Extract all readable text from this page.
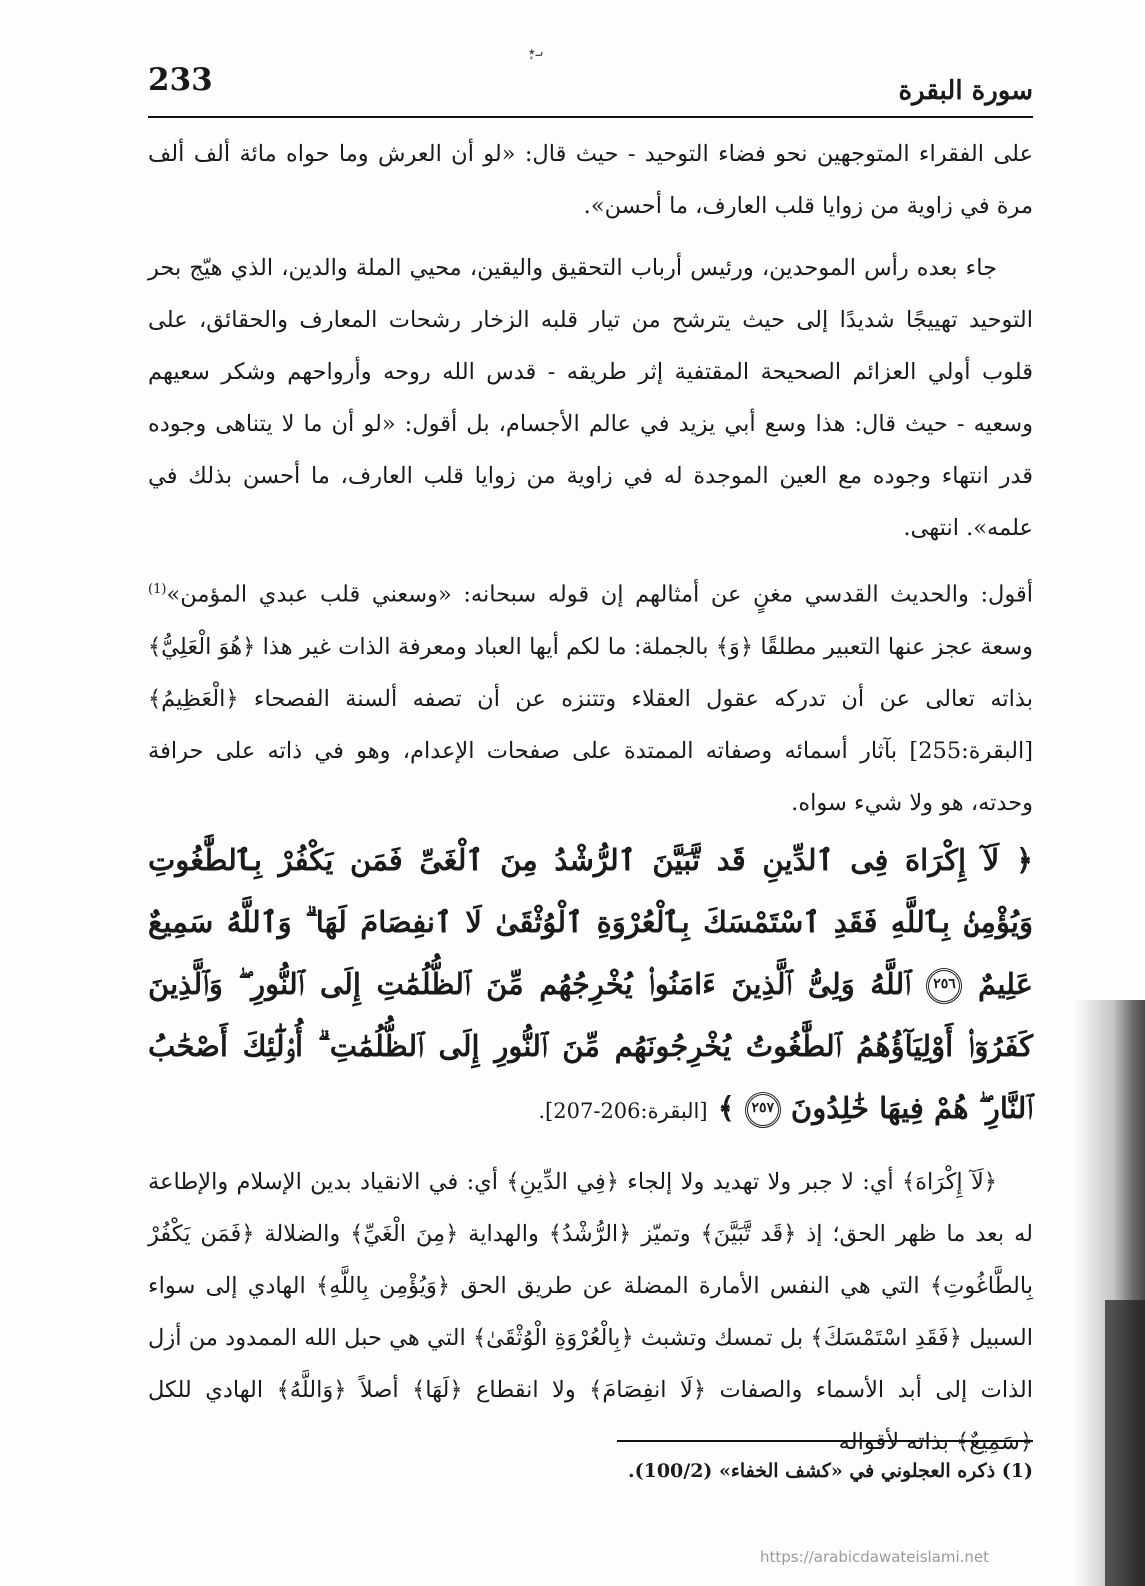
ٮـ٭ٕ
233	سورة البقرة

على الفقراء المتوجهين نحو فضاء التوحيد - حيث قال: «لو أن العرش وما حواه مائة ألف ألف مرة في زاوية من زوايا قلب العارف، ما أحسن».

جاء بعده رأس الموحدين، ورئيس أرباب التحقيق واليقين، محيي الملة والدين، الذي هيّج بحر التوحيد تهييجًا شديدًا إلى حيث يترشح من تيار قلبه الزخار رشحات المعارف والحقائق، على قلوب أولي العزائم الصحيحة المقتفية إثر طريقه - قدس الله روحه وأرواحهم وشكر سعيهم وسعيه - حيث قال: هذا وسع أبي يزيد في عالم الأجسام، بل أقول: «لو أن ما لا يتناهى وجوده قدر انتهاء وجوده مع العين الموجدة له في زاوية من زوايا قلب العارف، ما أحسن بذلك في علمه». انتهى.

أقول: والحديث القدسي مغنٍ عن أمثالهم إن قوله سبحانه: «وسعني قلب عبدي المؤمن»$^{(1)}$ وسعة عجز عنها التعبير مطلقًا ﴿وَ﴾ بالجملة: ما لكم أيها العباد ومعرفة الذات غير هذا ﴿هُوَ الْعَلِيُّ﴾ بذاته تعالى عن أن تدركه عقول العقلاء وتتنزه عن أن تصفه ألسنة الفصحاء ﴿الْعَظِيمُ﴾ [البقرة:255] بآثار أسمائه وصفاته الممتدة على صفحات الإعدام، وهو في ذاته على حرافة وحدته، هو ولا شيء سواه.

﴿ لَآ إِكْرَاهَ فِى ٱلدِّينِ قَد تَّبَيَّنَ ٱلرُّشْدُ مِنَ ٱلْغَىِّ فَمَن يَكْفُرْ بِٱلطَّٰغُوتِ وَيُؤْمِنۢ بِٱللَّهِ فَقَدِ ٱسْتَمْسَكَ بِٱلْعُرْوَةِ ٱلْوُثْقَىٰ لَا ٱنفِصَامَ لَهَا ۗ وَٱللَّهُ سَمِيعٌ عَلِيمٌ ٢٥٦ ٱللَّهُ وَلِىُّ ٱلَّذِينَ ءَامَنُوا۟ يُخْرِجُهُم مِّنَ ٱلظُّلُمَٰتِ إِلَى ٱلنُّورِ ۖ وَٱلَّذِينَ كَفَرُوٓا۟ أَوْلِيَآؤُهُمُ ٱلطَّٰغُوتُ يُخْرِجُونَهُم مِّنَ ٱلنُّورِ إِلَى ٱلظُّلُمَٰتِ ۗ أُو۟لَٰٓئِكَ أَصْحَٰبُ ٱلنَّارِ ۖ هُمْ فِيهَا خَٰلِدُونَ ٢٥٧ ﴾ [البقرة:206-207].

﴿لَآ إِكْرَاهَ﴾ أي: لا جبر ولا تهديد ولا إلجاء ﴿فِي الدِّينِ﴾ أي: في الانقياد بدين الإسلام والإطاعة له بعد ما ظهر الحق؛ إذ ﴿قَد تَّبَيَّنَ﴾ وتميّز ﴿الرُّشْدُ﴾ والهداية ﴿مِنَ الْغَيِّ﴾ والضلالة ﴿فَمَن يَكْفُرْ بِالطَّاغُوتِ﴾ التي هي النفس الأمارة المضلة عن طريق الحق ﴿وَيُؤْمِن بِاللَّهِ﴾ الهادي إلى سواء السبيل ﴿فَقَدِ اسْتَمْسَكَ﴾ بل تمسك وتشبث ﴿بِالْعُرْوَةِ الْوُثْقَىٰ﴾ التي هي حبل الله الممدود من أزل الذات إلى أبد الأسماء والصفات ﴿لَا انفِصَامَ﴾ ولا انقطاع ﴿لَهَا﴾ أصلاً ﴿وَاللَّهُ﴾ الهادي للكل ﴿سَمِيعٌ﴾ بذاته لأقواله

(1) ذكره العجلوني في «كشف الخفاء» (100/2).
https://arabicdawateislami.net
